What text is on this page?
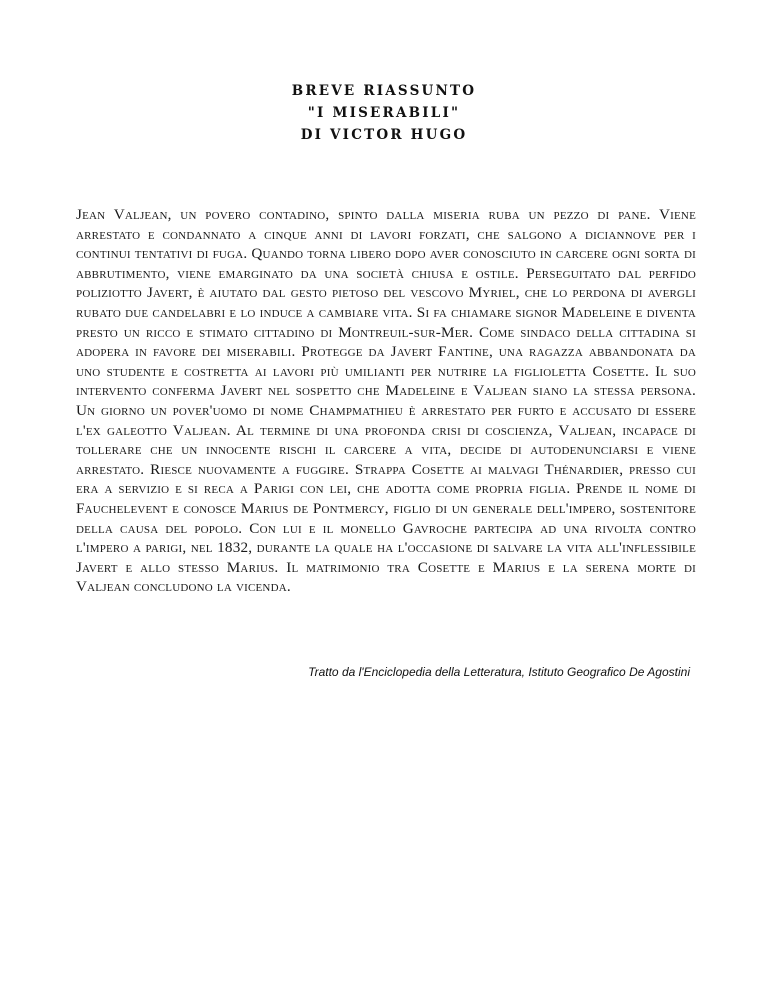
BREVE RIASSUNTO
"I MISERABILI"
DI VICTOR HUGO

Jean Valjean, un povero contadino, spinto dalla miseria ruba un pezzo di pane. Viene arrestato e condannato a cinque anni di lavori forzati, che salgono a diciannove per i continui tentativi di fuga. Quando torna libero dopo aver conosciuto in carcere ogni sorta di abbrutimento, viene emarginato da una società chiusa e ostile. Perseguitato dal perfido poliziotto Javert, è aiutato dal gesto pietoso del vescovo Myriel, che lo perdona di avergli rubato due candelabri e lo induce a cambiare vita. Si fa chiamare signor Madeleine e diventa presto un ricco e stimato cittadino di Montreuil-sur-Mer. Come sindaco della cittadina si adopera in favore dei miserabili. Protegge da Javert Fantine, una ragazza abbandonata da uno studente e costretta ai lavori più umilianti per nutrire la figlioletta Cosette. Il suo intervento conferma Javert nel sospetto che Madeleine e Valjean siano la stessa persona. Un giorno un pover'uomo di nome Champmathieu è arrestato per furto e accusato di essere l'ex galeotto Valjean. Al termine di una profonda crisi di coscienza, Valjean, incapace di tollerare che un innocente rischi il carcere a vita, decide di autodenunciarsi e viene arrestato. Riesce nuovamente a fuggire. Strappa Cosette ai malvagi Thénardier, presso cui era a servizio e si reca a Parigi con lei, che adotta come propria figlia. Prende il nome di Fauchelevent e conosce Marius de Pontmercy, figlio di un generale dell'impero, sostenitore della causa del popolo. Con lui e il monello Gavroche partecipa ad una rivolta contro l'impero a parigi, nel 1832, durante la quale ha l'occasione di salvare la vita all'inflessibile Javert e allo stesso Marius. Il matrimonio tra Cosette e Marius e la serena morte di Valjean concludono la vicenda.

Tratto da l'Enciclopedia della Letteratura, Istituto Geografico De Agostini
